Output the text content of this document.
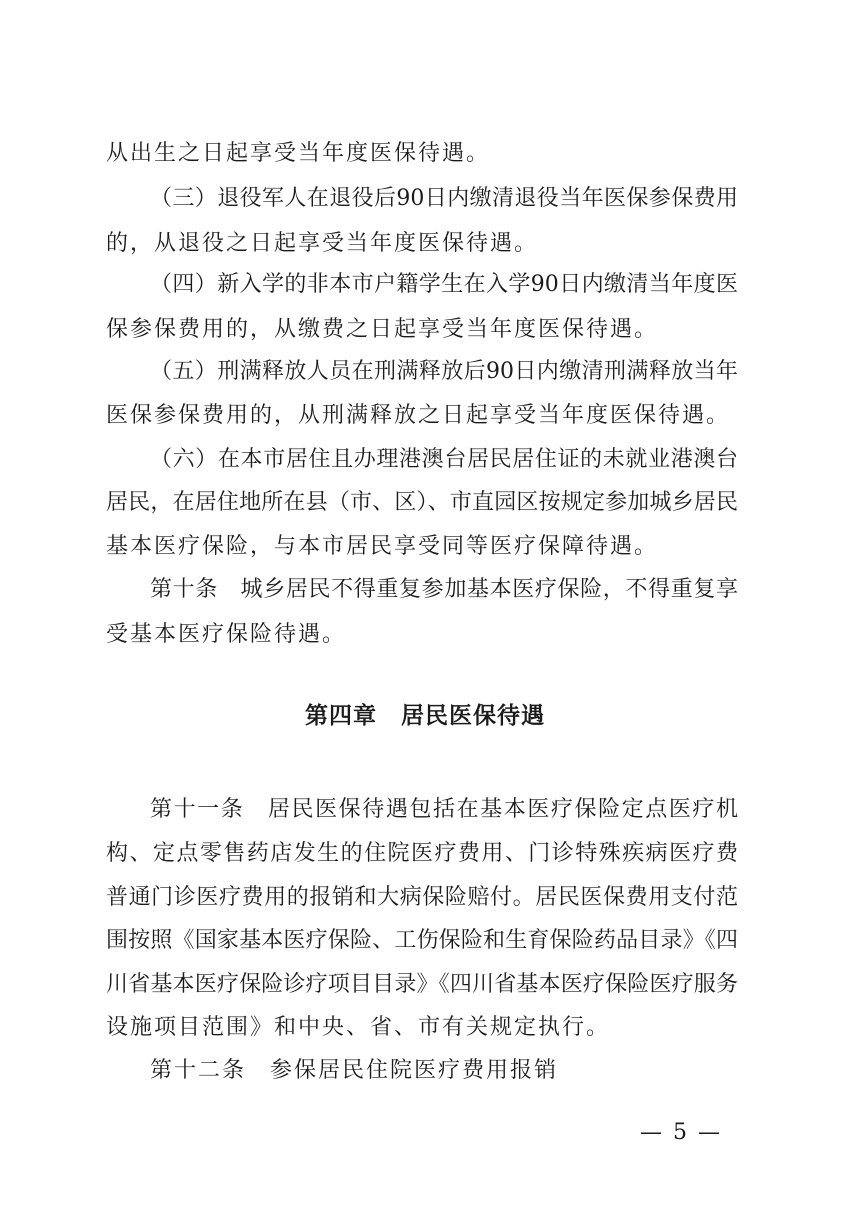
从出生之日起享受当年度医保待遇。
（三）退役军人在退役后90日内缴清退役当年医保参保费用
的，从退役之日起享受当年度医保待遇。
（四）新入学的非本市户籍学生在入学90日内缴清当年度医
保参保费用的，从缴费之日起享受当年度医保待遇。
（五）刑满释放人员在刑满释放后90日内缴清刑满释放当年
医保参保费用的，从刑满释放之日起享受当年度医保待遇。
（六）在本市居住且办理港澳台居民居住证的未就业港澳台
居民，在居住地所在县（市、区）、市直园区按规定参加城乡居民
基本医疗保险，与本市居民享受同等医疗保障待遇。
第十条　城乡居民不得重复参加基本医疗保险，不得重复享
受基本医疗保险待遇。
第四章　居民医保待遇
第十一条　居民医保待遇包括在基本医疗保险定点医疗机
构、定点零售药店发生的住院医疗费用、门诊特殊疾病医疗费
普通门诊医疗费用的报销和大病保险赔付。居民医保费用支付范
围按照《国家基本医疗保险、工伤保险和生育保险药品目录》《四
川省基本医疗保险诊疗项目目录》《四川省基本医疗保险医疗服务
设施项目范围》和中央、省、市有关规定执行。
第十二条　参保居民住院医疗费用报销
— 5 —
